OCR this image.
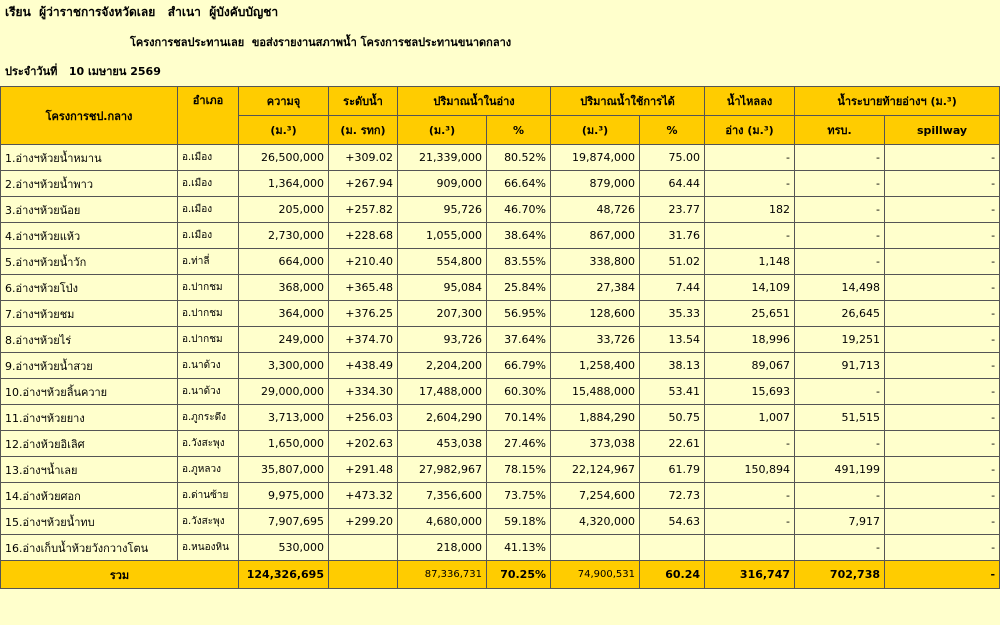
เรียน  ผู้ว่าราชการจังหวัดเลย   สำเนา  ผู้บังคับบัญชา
โครงการชลประทานเลย  ขอส่งรายงานสภาพน้ำ โครงการชลประทานขนาดกลาง
ประจำวันที่   10 เมษายน 2569
โครงการชป.กลาง	อำเภอ	ความจุ	ระดับน้ำ	ปริมาณน้ำในอ่าง		ปริมาณน้ำใช้การได้		น้ำไหลลง	น้ำระบายท้ายอ่างฯ (ม.³)	
		(ม.³)	(ม. รทก)	(ม.³)	%	(ม.³)	%	อ่าง (ม.³)	ทรบ.	spillway
1.อ่างฯห้วยน้ำหมาน	อ.เมือง	26,500,000	+309.02	21,339,000	80.52%	19,874,000	75.00	-	-	-
2.อ่างฯห้วยน้ำพาว	อ.เมือง	1,364,000	+267.94	909,000	66.64%	879,000	64.44	-	-	-
3.อ่างฯห้วยน้อย	อ.เมือง	205,000	+257.82	95,726	46.70%	48,726	23.77	182	-	-
4.อ่างฯห้วยแห้ว	อ.เมือง	2,730,000	+228.68	1,055,000	38.64%	867,000	31.76	-	-	-
5.อ่างฯห้วยน้ำวัก	อ.ท่าลี่	664,000	+210.40	554,800	83.55%	338,800	51.02	1,148	-	-
6.อ่างฯห้วยโป่ง	อ.ปากชม	368,000	+365.48	95,084	25.84%	27,384	7.44	14,109	14,498	-
7.อ่างฯห้วยชม	อ.ปากชม	364,000	+376.25	207,300	56.95%	128,600	35.33	25,651	26,645	-
8.อ่างฯห้วยไร่	อ.ปากชม	249,000	+374.70	93,726	37.64%	33,726	13.54	18,996	19,251	-
9.อ่างฯห้วยน้ำสวย	อ.นาด้วง	3,300,000	+438.49	2,204,200	66.79%	1,258,400	38.13	89,067	91,713	-
10.อ่างฯห้วยลิ้นควาย	อ.นาด้วง	29,000,000	+334.30	17,488,000	60.30%	15,488,000	53.41	15,693	-	-
11.อ่างฯห้วยยาง	อ.ภูกระดึง	3,713,000	+256.03	2,604,290	70.14%	1,884,290	50.75	1,007	51,515	-
12.อ่างห้วยอิเลิศ	อ.วังสะพุง	1,650,000	+202.63	453,038	27.46%	373,038	22.61	-	-	-
13.อ่างฯน้ำเลย	อ.ภูหลวง	35,807,000	+291.48	27,982,967	78.15%	22,124,967	61.79	150,894	491,199	-
14.อ่างห้วยศอก	อ.ด่านซ้าย	9,975,000	+473.32	7,356,600	73.75%	7,254,600	72.73	-	-	-
15.อ่างฯห้วยน้ำทบ	อ.วังสะพุง	7,907,695	+299.20	4,680,000	59.18%	4,320,000	54.63	-	7,917	-
16.อ่างเก็บน้ำห้วยวังกวางโตน	อ.หนองหิน	530,000		218,000	41.13%				-	-
รวม		124,326,695		87,336,731	70.25%	74,900,531	60.24	316,747	702,738	-
